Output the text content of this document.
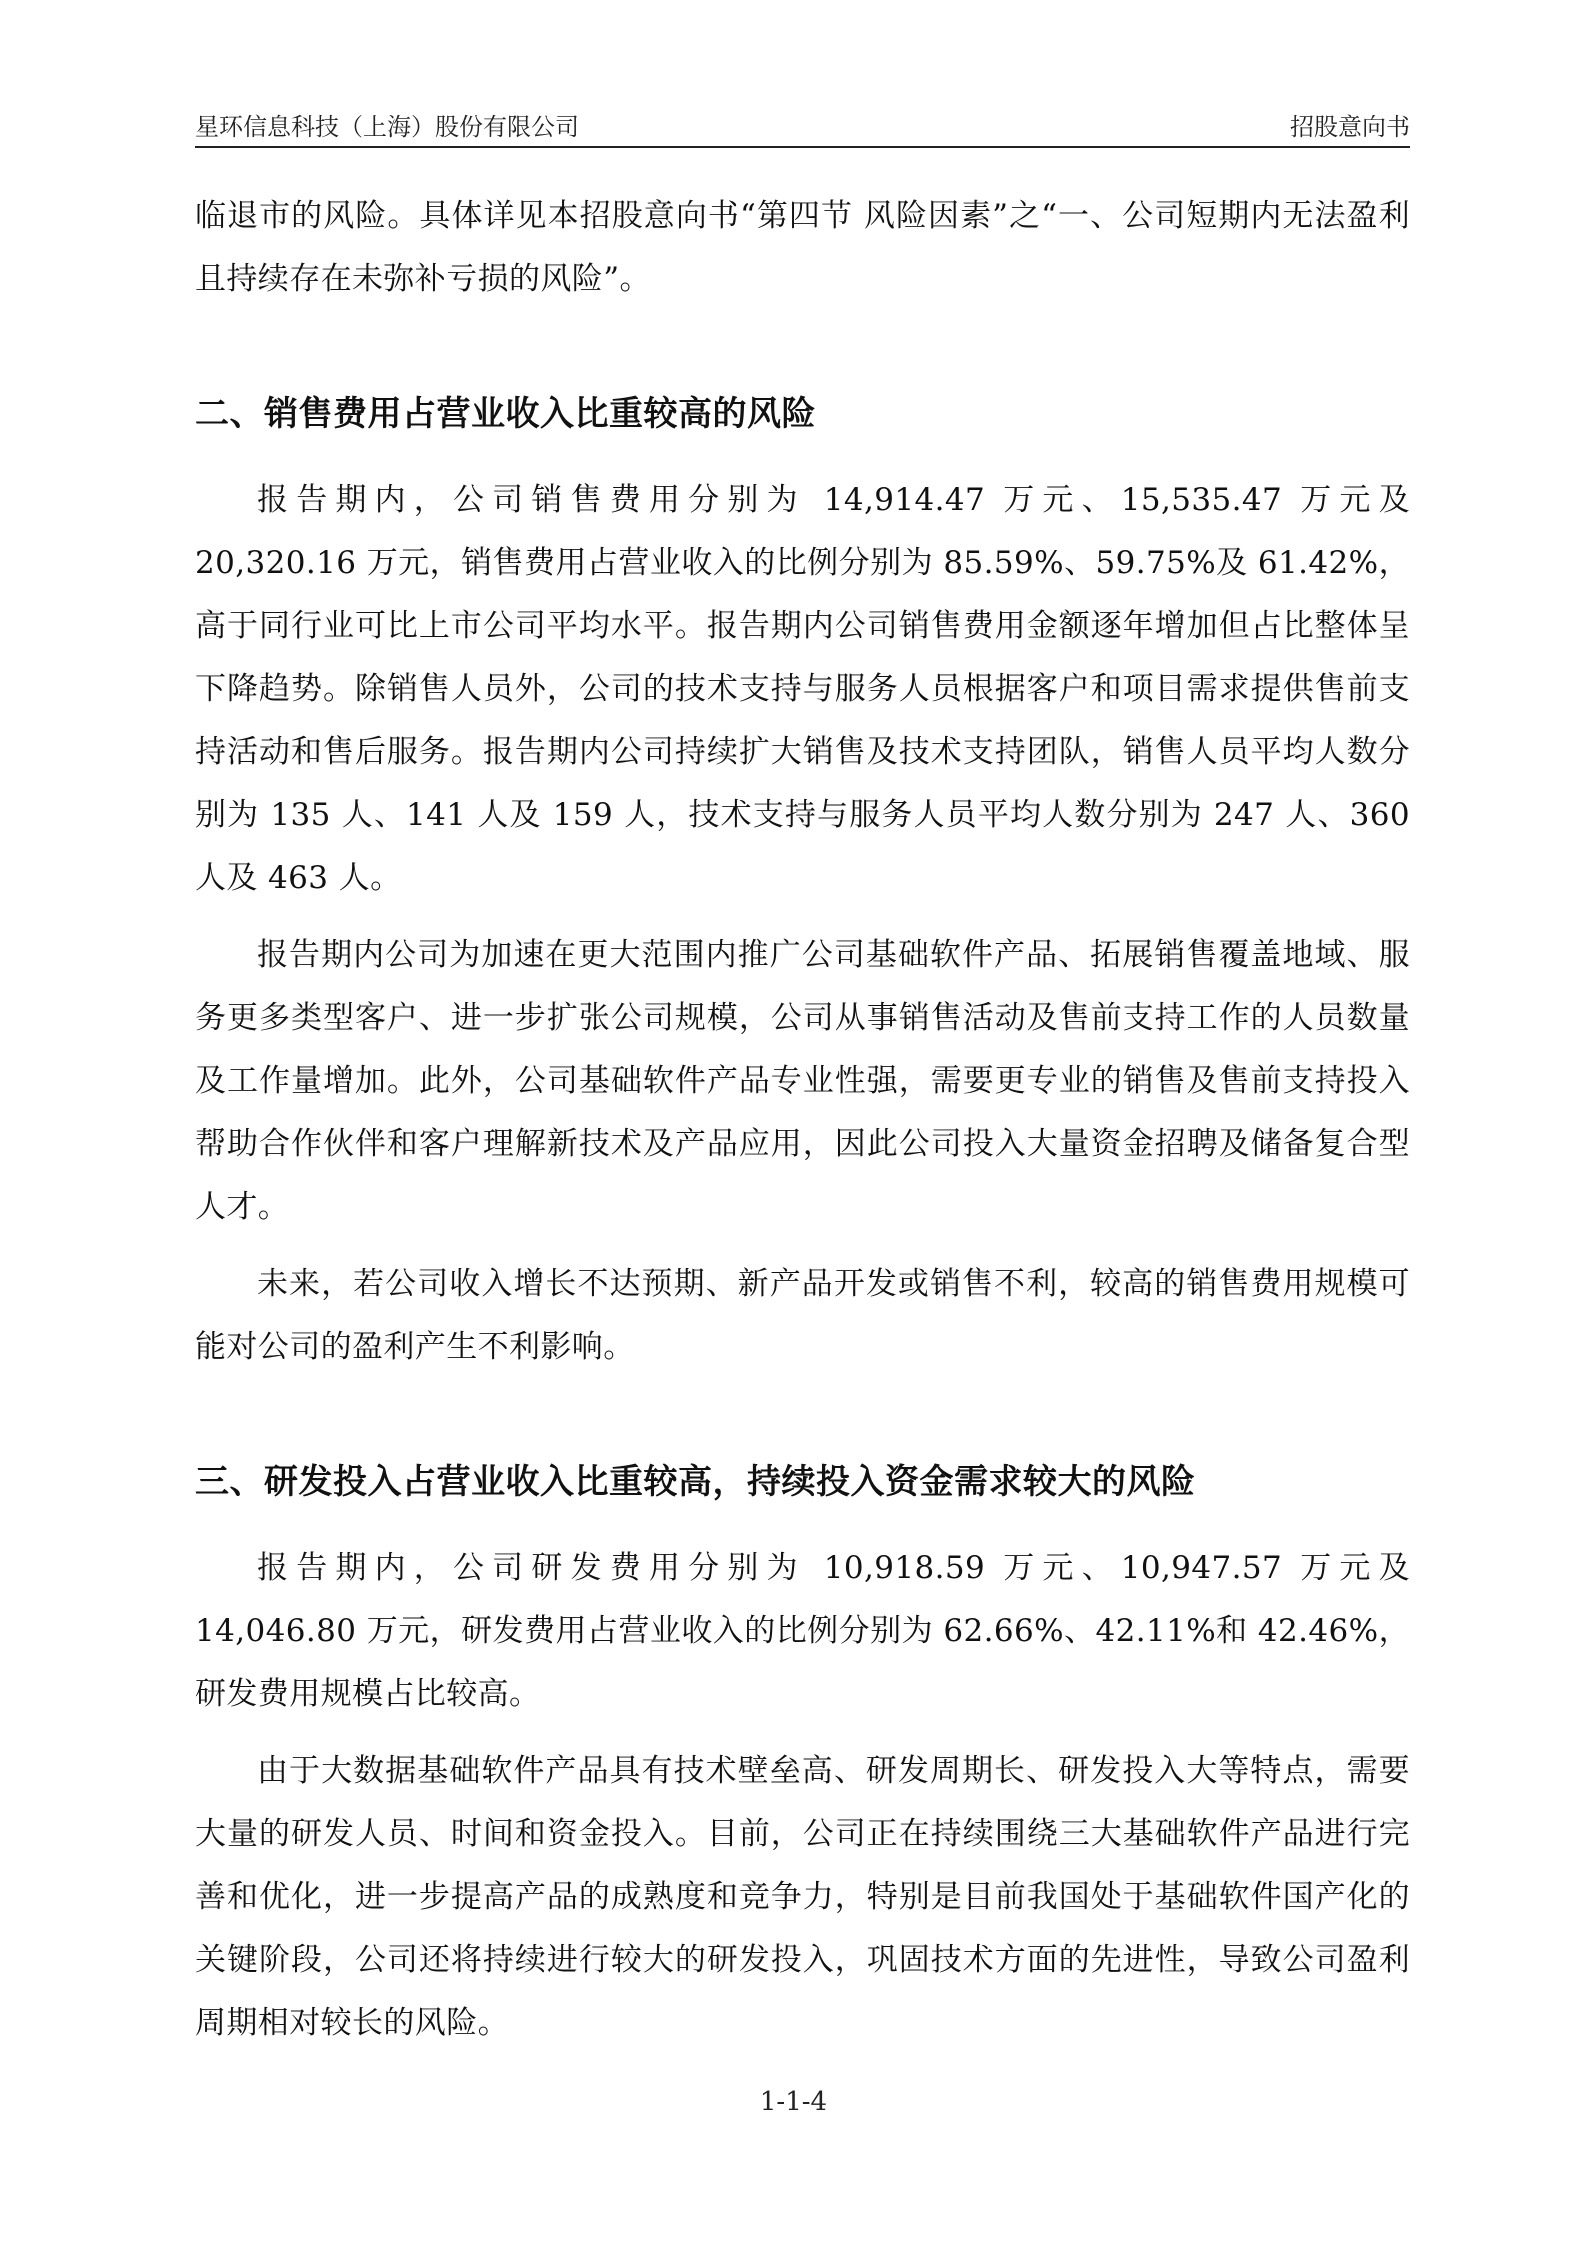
星环信息科技（上海）股份有限公司	招股意向书

临退市的风险。具体详见本招股意向书“第四节 风险因素”之“一、公司短期内无法盈利且持续存在未弥补亏损的风险”。

二、销售费用占营业收入比重较高的风险

报告期内，公司销售费用分别为 14,914.47 万元、15,535.47 万元及 20,320.16 万元，销售费用占营业收入的比例分别为 85.59%、59.75%及 61.42%，高于同行业可比上市公司平均水平。报告期内公司销售费用金额逐年增加但占比整体呈下降趋势。除销售人员外，公司的技术支持与服务人员根据客户和项目需求提供售前支持活动和售后服务。报告期内公司持续扩大销售及技术支持团队，销售人员平均人数分别为 135 人、141 人及 159 人，技术支持与服务人员平均人数分别为 247 人、360 人及 463 人。

报告期内公司为加速在更大范围内推广公司基础软件产品、拓展销售覆盖地域、服务更多类型客户、进一步扩张公司规模，公司从事销售活动及售前支持工作的人员数量及工作量增加。此外，公司基础软件产品专业性强，需要更专业的销售及售前支持投入帮助合作伙伴和客户理解新技术及产品应用，因此公司投入大量资金招聘及储备复合型人才。

未来，若公司收入增长不达预期、新产品开发或销售不利，较高的销售费用规模可能对公司的盈利产生不利影响。

三、研发投入占营业收入比重较高，持续投入资金需求较大的风险

报告期内，公司研发费用分别为 10,918.59 万元、10,947.57 万元及 14,046.80 万元，研发费用占营业收入的比例分别为 62.66%、42.11%和 42.46%，研发费用规模占比较高。

由于大数据基础软件产品具有技术壁垒高、研发周期长、研发投入大等特点，需要大量的研发人员、时间和资金投入。目前，公司正在持续围绕三大基础软件产品进行完善和优化，进一步提高产品的成熟度和竞争力，特别是目前我国处于基础软件国产化的关键阶段，公司还将持续进行较大的研发投入，巩固技术方面的先进性，导致公司盈利周期相对较长的风险。

1-1-4
